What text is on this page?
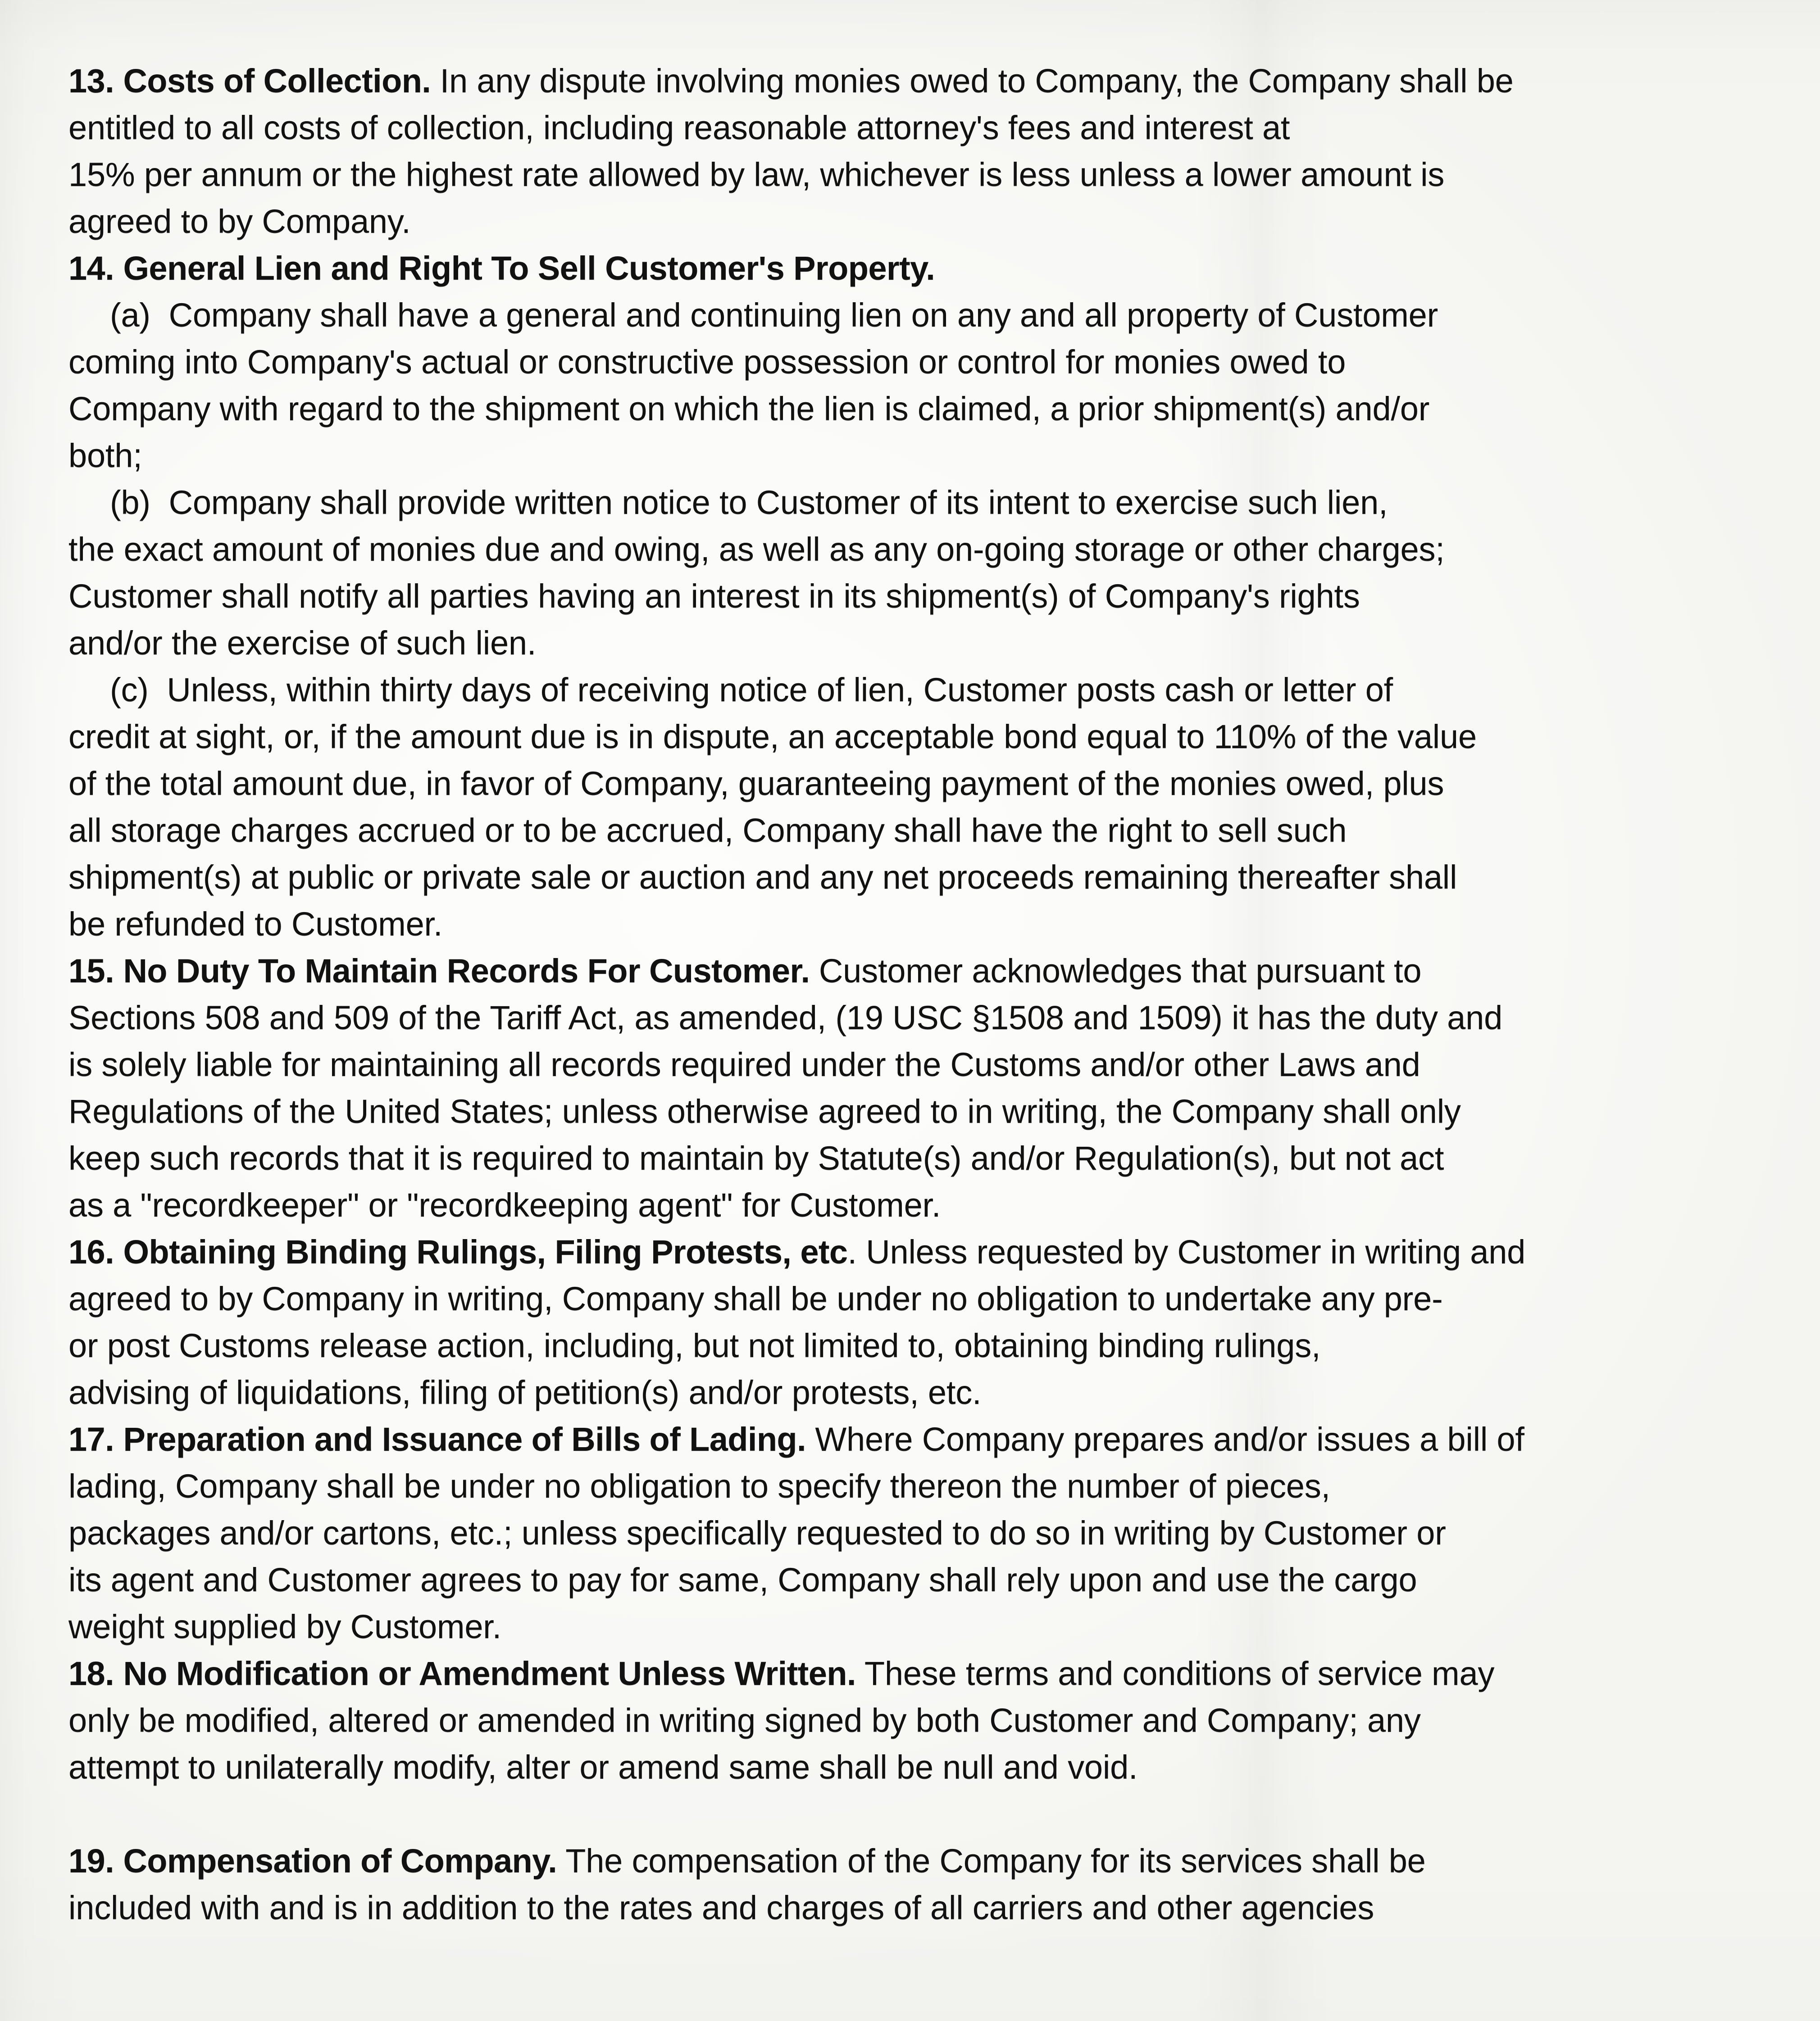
13. Costs of Collection. In any dispute involving monies owed to Company, the Company shall be
entitled to all costs of collection, including reasonable attorney's fees and interest at
15% per annum or the highest rate allowed by law, whichever is less unless a lower amount is
agreed to by Company.

14. General Lien and Right To Sell Customer's Property.

(a) Company shall have a general and continuing lien on any and all property of Customer
coming into Company's actual or constructive possession or control for monies owed to
Company with regard to the shipment on which the lien is claimed, a prior shipment(s) and/or
both;

(b) Company shall provide written notice to Customer of its intent to exercise such lien,
the exact amount of monies due and owing, as well as any on-going storage or other charges;
Customer shall notify all parties having an interest in its shipment(s) of Company's rights
and/or the exercise of such lien.

(c) Unless, within thirty days of receiving notice of lien, Customer posts cash or letter of
credit at sight, or, if the amount due is in dispute, an acceptable bond equal to 110% of the value
of the total amount due, in favor of Company, guaranteeing payment of the monies owed, plus
all storage charges accrued or to be accrued, Company shall have the right to sell such
shipment(s) at public or private sale or auction and any net proceeds remaining thereafter shall
be refunded to Customer.

15. No Duty To Maintain Records For Customer. Customer acknowledges that pursuant to
Sections 508 and 509 of the Tariff Act, as amended, (19 USC §1508 and 1509) it has the duty and
is solely liable for maintaining all records required under the Customs and/or other Laws and
Regulations of the United States; unless otherwise agreed to in writing, the Company shall only
keep such records that it is required to maintain by Statute(s) and/or Regulation(s), but not act
as a "recordkeeper" or "recordkeeping agent" for Customer.

16. Obtaining Binding Rulings, Filing Protests, etc. Unless requested by Customer in writing and
agreed to by Company in writing, Company shall be under no obligation to undertake any pre-
or post Customs release action, including, but not limited to, obtaining binding rulings,
advising of liquidations, filing of petition(s) and/or protests, etc.

17. Preparation and Issuance of Bills of Lading. Where Company prepares and/or issues a bill of
lading, Company shall be under no obligation to specify thereon the number of pieces,
packages and/or cartons, etc.; unless specifically requested to do so in writing by Customer or
its agent and Customer agrees to pay for same, Company shall rely upon and use the cargo
weight supplied by Customer.

18. No Modification or Amendment Unless Written. These terms and conditions of service may
only be modified, altered or amended in writing signed by both Customer and Company; any
attempt to unilaterally modify, alter or amend same shall be null and void.

19. Compensation of Company. The compensation of the Company for its services shall be
included with and is in addition to the rates and charges of all carriers and other agencies
